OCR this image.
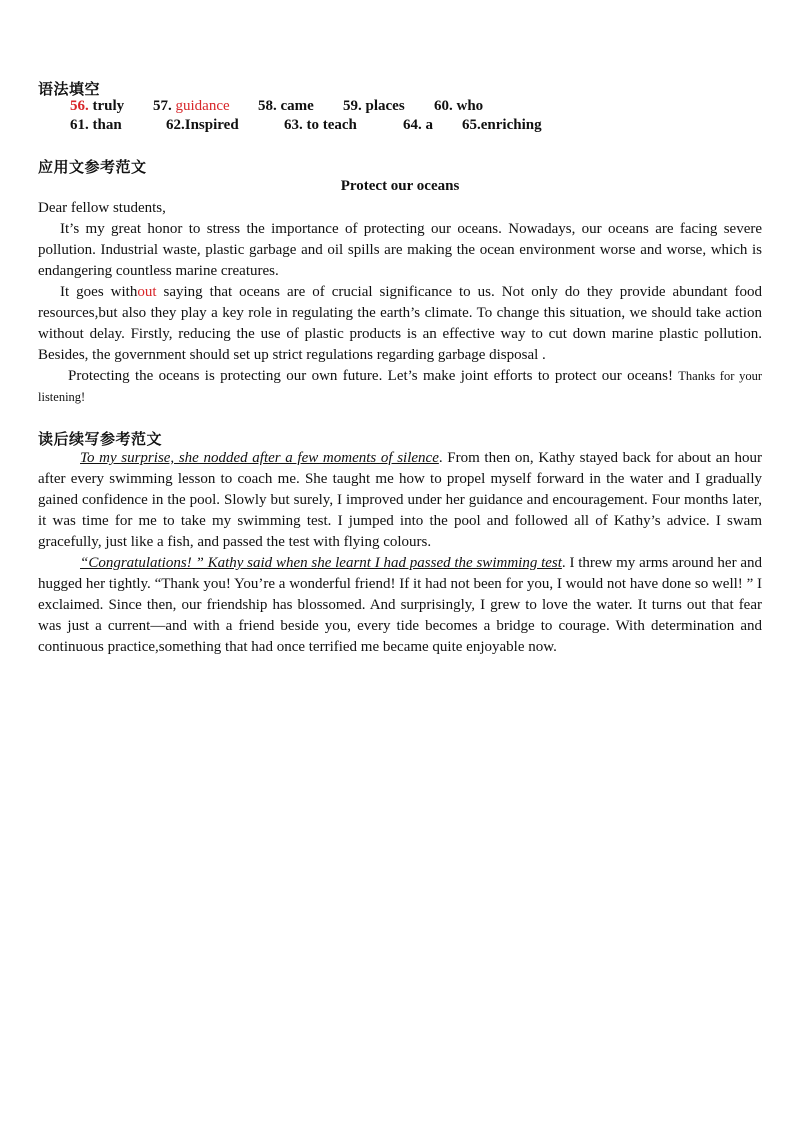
语法填空
56. truly 57. guidance 58. came 59. places 60. who
61. than	62.Inspired	63. to teach	64. a 65.enriching
应用文参考范文
Protect our oceans

Dear fellow students,

It’s my great honor to stress the importance of protecting our oceans. Nowadays, our oceans are facing severe pollution. Industrial waste, plastic garbage and oil spills are making the ocean environment worse and worse, which is endangering countless marine creatures.

It goes without saying that oceans are of crucial significance to us. Not only do they provide abundant food resources,but also they play a key role in regulating the earth’s climate. To change this situation, we should take action without delay. Firstly, reducing the use of plastic products is an effective way to cut down marine plastic pollution. Besides, the government should set up strict regulations regarding garbage disposal .

Protecting the oceans is protecting our own future. Let’s make joint efforts to protect our oceans! Thanks for your listening!

读后续写参考范文

To my surprise, she nodded after a few moments of silence. From then on, Kathy stayed back for about an hour after every swimming lesson to coach me. She taught me how to propel myself forward in the water and I gradually gained confidence in the pool. Slowly but surely, I improved under her guidance and encouragement. Four months later, it was time for me to take my swimming test. I jumped into the pool and followed all of Kathy’s advice. I swam gracefully, just like a fish, and passed the test with flying colours.

“Congratulations! ” Kathy said when she learnt I had passed the swimming test. I threw my arms around her and hugged her tightly. “Thank you! You’re a wonderful friend! If it had not been for you, I would not have done so well! ” I exclaimed. Since then, our friendship has blossomed. And surprisingly, I grew to love the water. It turns out that fear was just a current—and with a friend beside you, every tide becomes a bridge to courage. With determination and continuous practice,something that had once terrified me became quite enjoyable now.
